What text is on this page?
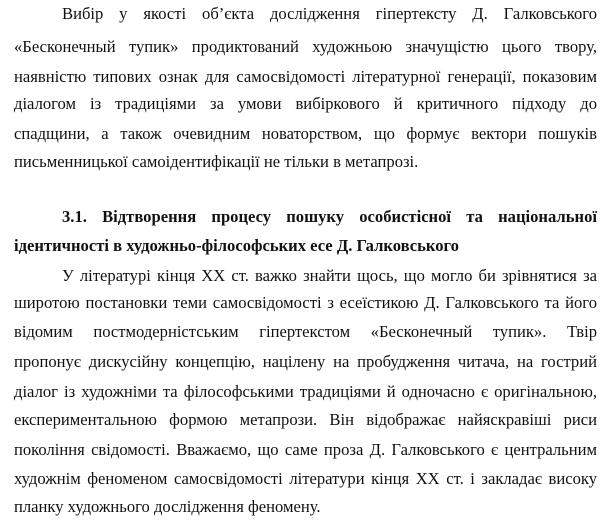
Вибір у якості об’єкта дослідження гіпертексту Д. Галковського
«Бесконечный тупик» продиктований художньою значущістю цього твору,
наявністю типових ознак для самосвідомості літературної генерації, показовим
діалогом із традиціями за умови вибіркового й критичного підходу до
спадщини, а також очевидним новаторством, що формує вектори пошуків
письменницької самоідентифікації не тільки в метапрозі.
3.1. Відтворення процесу пошуку особистісної та національної
ідентичності в художньо-філософських есе Д. Галковського
У літературі кінця ХХ ст. важко знайти щось, що могло би зрівнятися за
широтою постановки теми самосвідомості з есеїстикою Д. Галковського та його
відомим постмодерністським гіпертекстом «Бесконечный тупик». Твір
пропонує дискусійну концепцію, націлену на пробудження читача, на гострий
діалог із художніми та філософськими традиціями й одночасно є оригінальною,
експериментальною формою метапрози. Він відображає найяскравіші риси
покоління свідомості. Вважаємо, що саме проза Д. Галковського є центральним
художнім феноменом самосвідомості літератури кінця ХХ ст. і закладає високу
планку художнього дослідження феномену.
